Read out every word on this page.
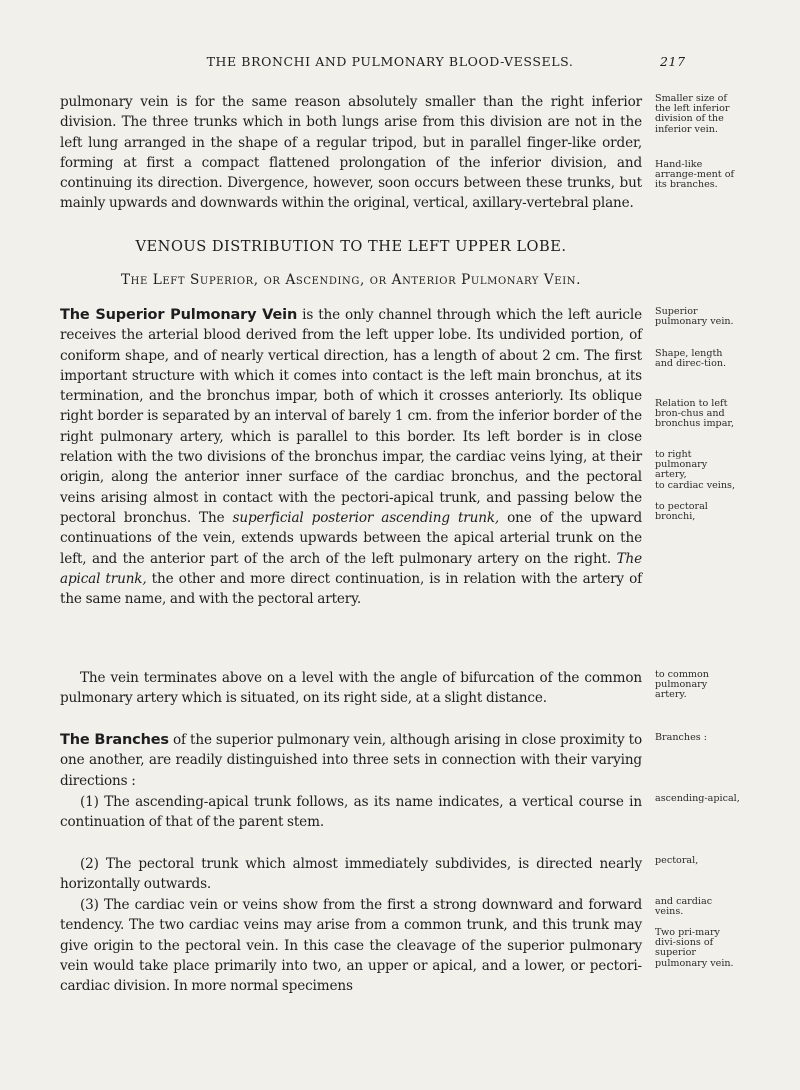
THE BRONCHI AND PULMONARY BLOOD-VESSELS.	217
pulmonary vein is for the same reason absolutely smaller than the right inferior division. The three trunks which in both lungs arise from this division are not in the left lung arranged in the shape of a regular tripod, but in parallel finger-like order, forming at first a compact flattened prolongation of the inferior division, and continuing its direction. Divergence, however, soon occurs between these trunks, but mainly upwards and downwards within the original, vertical, axillary-vertebral plane.
VENOUS DISTRIBUTION TO THE LEFT UPPER LOBE.
The Left Superior, or Ascending, or Anterior Pulmonary Vein.
The Superior Pulmonary Vein is the only channel through which the left auricle receives the arterial blood derived from the left upper lobe. Its undivided portion, of coniform shape, and of nearly vertical direction, has a length of about 2 cm. The first important structure with which it comes into contact is the left main bronchus, at its termination, and the bronchus impar, both of which it crosses anteriorly. Its oblique right border is separated by an interval of barely 1 cm. from the inferior border of the right pulmonary artery, which is parallel to this border. Its left border is in close relation with the two divisions of the bronchus impar, the cardiac veins lying, at their origin, along the anterior inner surface of the cardiac bronchus, and the pectoral veins arising almost in contact with the pectori-apical trunk, and passing below the pectoral bronchus. The superficial posterior ascending trunk, one of the upward continuations of the vein, extends upwards between the apical arterial trunk on the left, and the anterior part of the arch of the left pulmonary artery on the right. The apical trunk, the other and more direct continuation, is in relation with the artery of the same name, and with the pectoral artery.
The vein terminates above on a level with the angle of bifurcation of the common pulmonary artery which is situated, on its right side, at a slight distance.
The Branches of the superior pulmonary vein, although arising in close proximity to one another, are readily distinguished into three sets in connection with their varying directions :
(1) The ascending-apical trunk follows, as its name indicates, a vertical course in continuation of that of the parent stem.
(2) The pectoral trunk which almost immediately subdivides, is directed nearly horizontally outwards.
(3) The cardiac vein or veins show from the first a strong downward and forward tendency. The two cardiac veins may arise from a common trunk, and this trunk may give origin to the pectoral vein. In this case the cleavage of the superior pulmonary vein would take place primarily into two, an upper or apical, and a lower, or pectori-cardiac division. In more normal specimens
Smaller size of the left inferior division of the inferior vein.
Hand-like arrange-ment of its branches.
Superior pulmonary vein.
Shape, length and direc-tion.
Relation to left bron-chus and bronchus impar,
to right pulmonary artery,
to cardiac veins,
to pectoral bronchi,
to common pulmonary artery.
Branches :
ascending-apical,
pectoral,
and cardiac veins.
Two pri-mary divi-sions of superior pulmonary vein.
